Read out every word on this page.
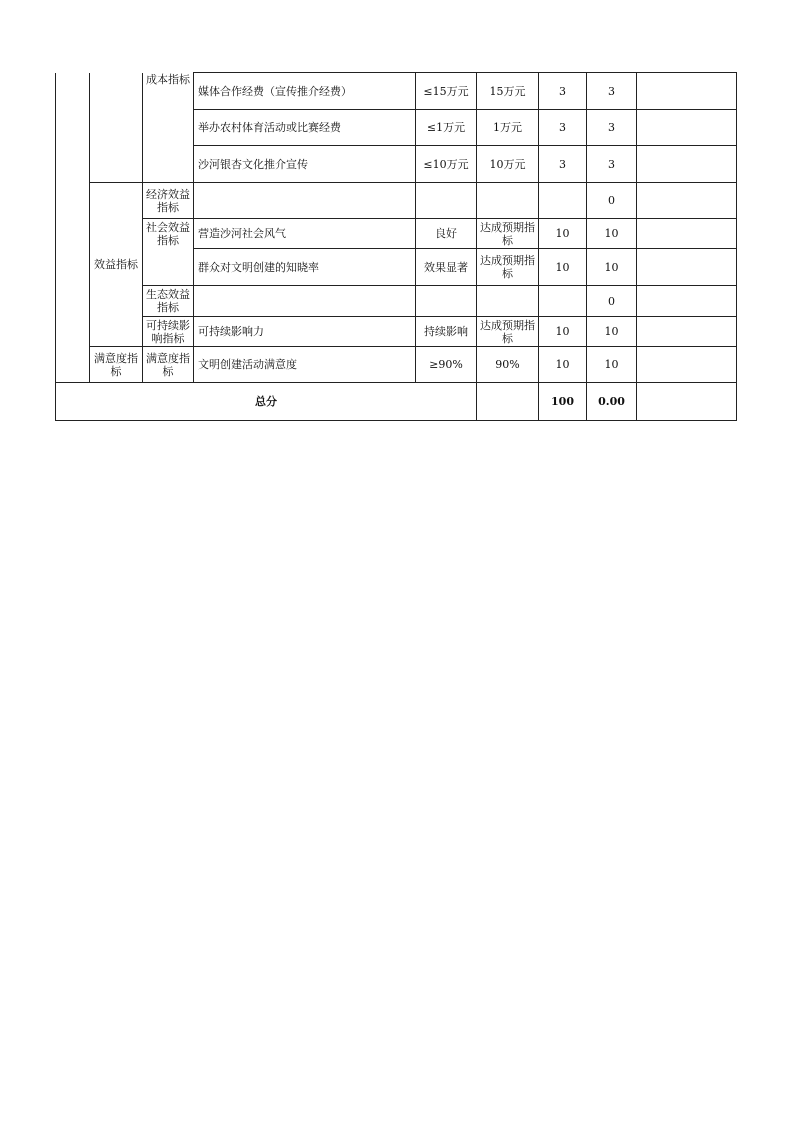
		成本指标	媒体合作经费（宣传推介经费）	≤15万元	15万元	3	3	
			举办农村体育活动或比赛经费	≤1万元	1万元	3	3	
			沙河银杏文化推介宣传	≤10万元	10万元	3	3	
	效益指标	经济效益指标					0	
		社会效益指标	营造沙河社会风气	良好	达成预期指标	10	10	
			群众对文明创建的知晓率	效果显著	达成预期指标	10	10	
		生态效益指标					0	
		可持续影响指标	可持续影响力	持续影响	达成预期指标	10	10	
	满意度指标	满意度指标	文明创建活动满意度	≥90%	90%	10	10	
总分						100	0.00	
